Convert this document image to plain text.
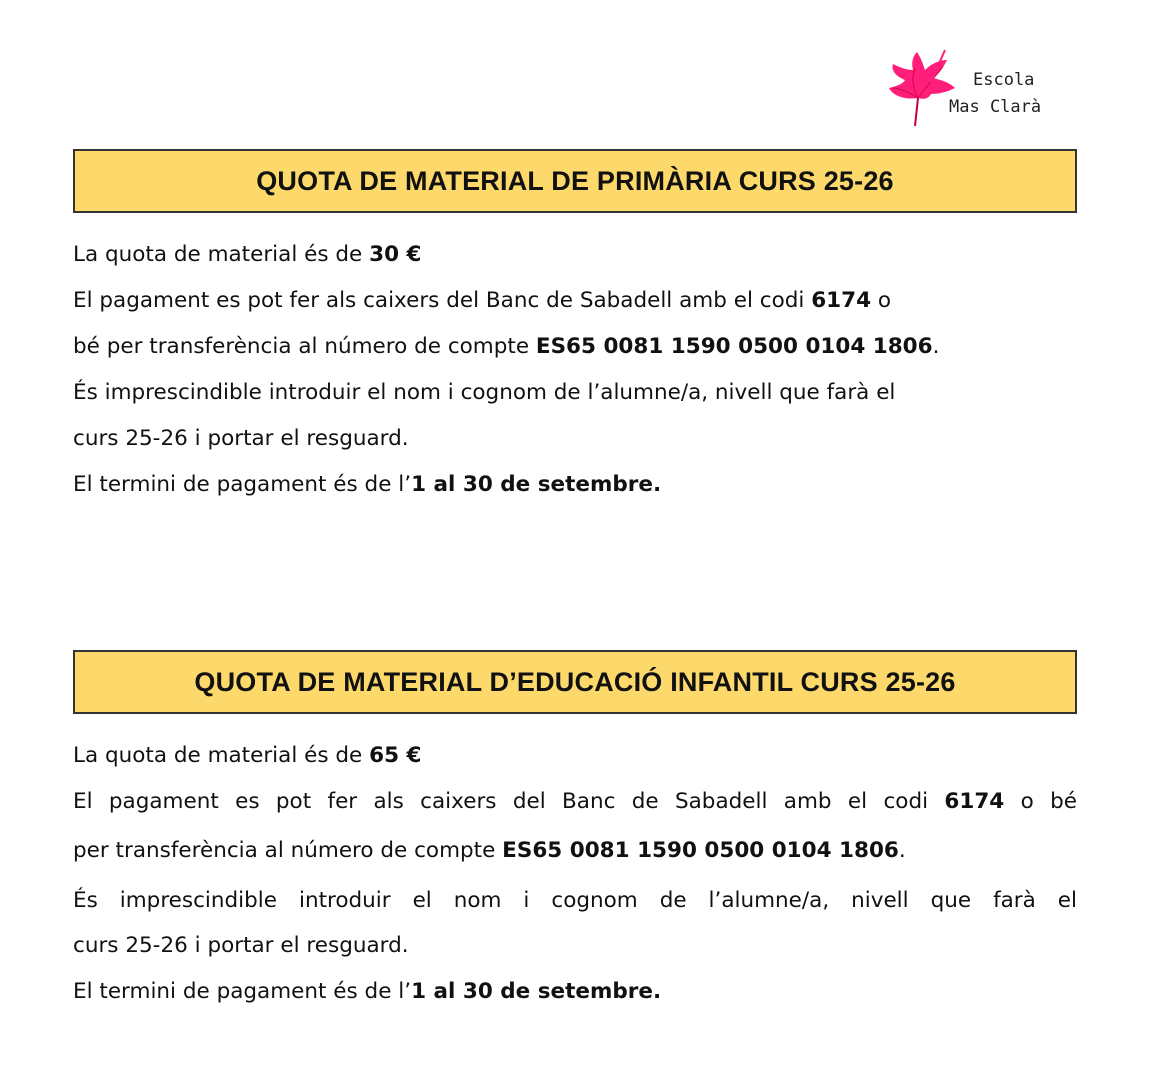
Escola
Mas Clarà
QUOTA DE MATERIAL DE PRIMÀRIA CURS 25-26
La quota de material és de 30 €
El pagament es pot fer als caixers del Banc de Sabadell amb el codi 6174 o
bé per transferència al número de compte ES65 0081 1590 0500 0104 1806.
És imprescindible introduir el nom i cognom de l’alumne/a, nivell que farà el
curs 25-26 i portar el resguard.
El termini de pagament és de l’1 al 30 de setembre.
QUOTA DE MATERIAL D’EDUCACIÓ INFANTIL CURS 25-26
La quota de material és de 65 €
El pagament es pot fer als caixers del Banc de Sabadell amb el codi 6174 o bé
per transferència al número de compte ES65 0081 1590 0500 0104 1806.
És imprescindible introduir el nom i cognom de l’alumne/a, nivell que farà el
curs 25-26 i portar el resguard.
El termini de pagament és de l’1 al 30 de setembre.
